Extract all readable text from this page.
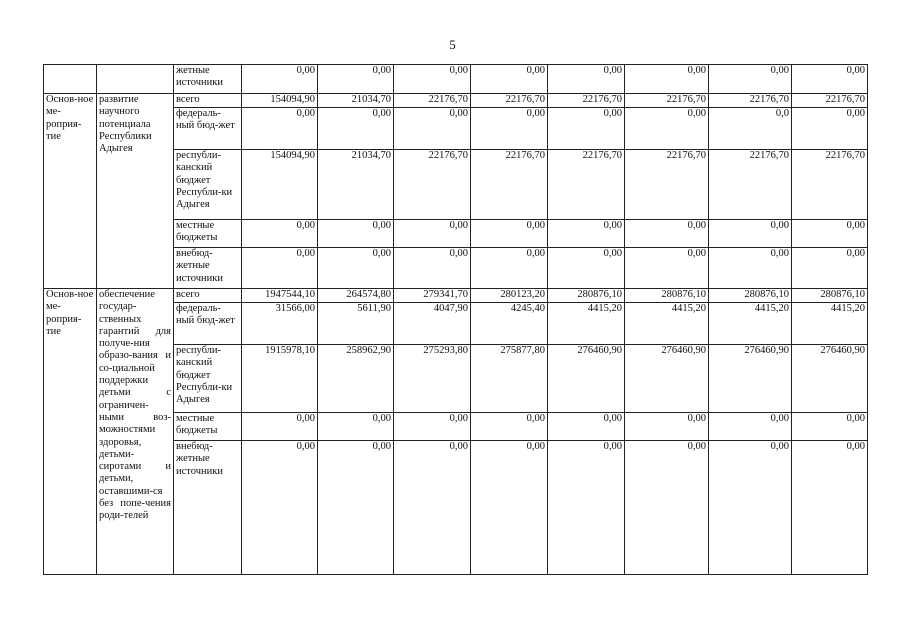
5
		жетные источники	0,00	0,00	0,00	0,00	0,00	0,00	0,00	0,00
Основ-ное ме-роприя-тие	развитие научного потенциала Республики Адыгея	всего	154094,90	21034,70	22176,70	22176,70	22176,70	22176,70	22176,70	22176,70
		федераль-ный бюд-жет	0,00	0,00	0,00	0,00	0,00	0,00	0,0	0,00
		республи-канский бюджет Республи-ки Адыгея	154094,90	21034,70	22176,70	22176,70	22176,70	22176,70	22176,70	22176,70
		местные бюджеты	0,00	0,00	0,00	0,00	0,00	0,00	0,00	0,00
		внебюд-жетные источники	0,00	0,00	0,00	0,00	0,00	0,00	0,00	0,00
Основ-ное ме-роприя-тие	обеспечение государ-ственных гарантий для получе-ния образо-вания и со-циальной поддержки детьми с ограничен-ными воз-можностями здоровья, детьми-сиротами и детьми, оставшими-ся без попе-чения роди-телей	всего	1947544,10	264574,80	279341,70	280123,20	280876,10	280876,10	280876,10	280876,10
		федераль-ный бюд-жет	31566,00	5611,90	4047,90	4245,40	4415,20	4415,20	4415,20	4415,20
		республи-канский бюджет Республи-ки Адыгея	1915978,10	258962,90	275293,80	275877,80	276460,90	276460,90	276460,90	276460,90
		местные бюджеты	0,00	0,00	0,00	0,00	0,00	0,00	0,00	0,00
		внебюд-жетные источники	0,00	0,00	0,00	0,00	0,00	0,00	0,00	0,00
